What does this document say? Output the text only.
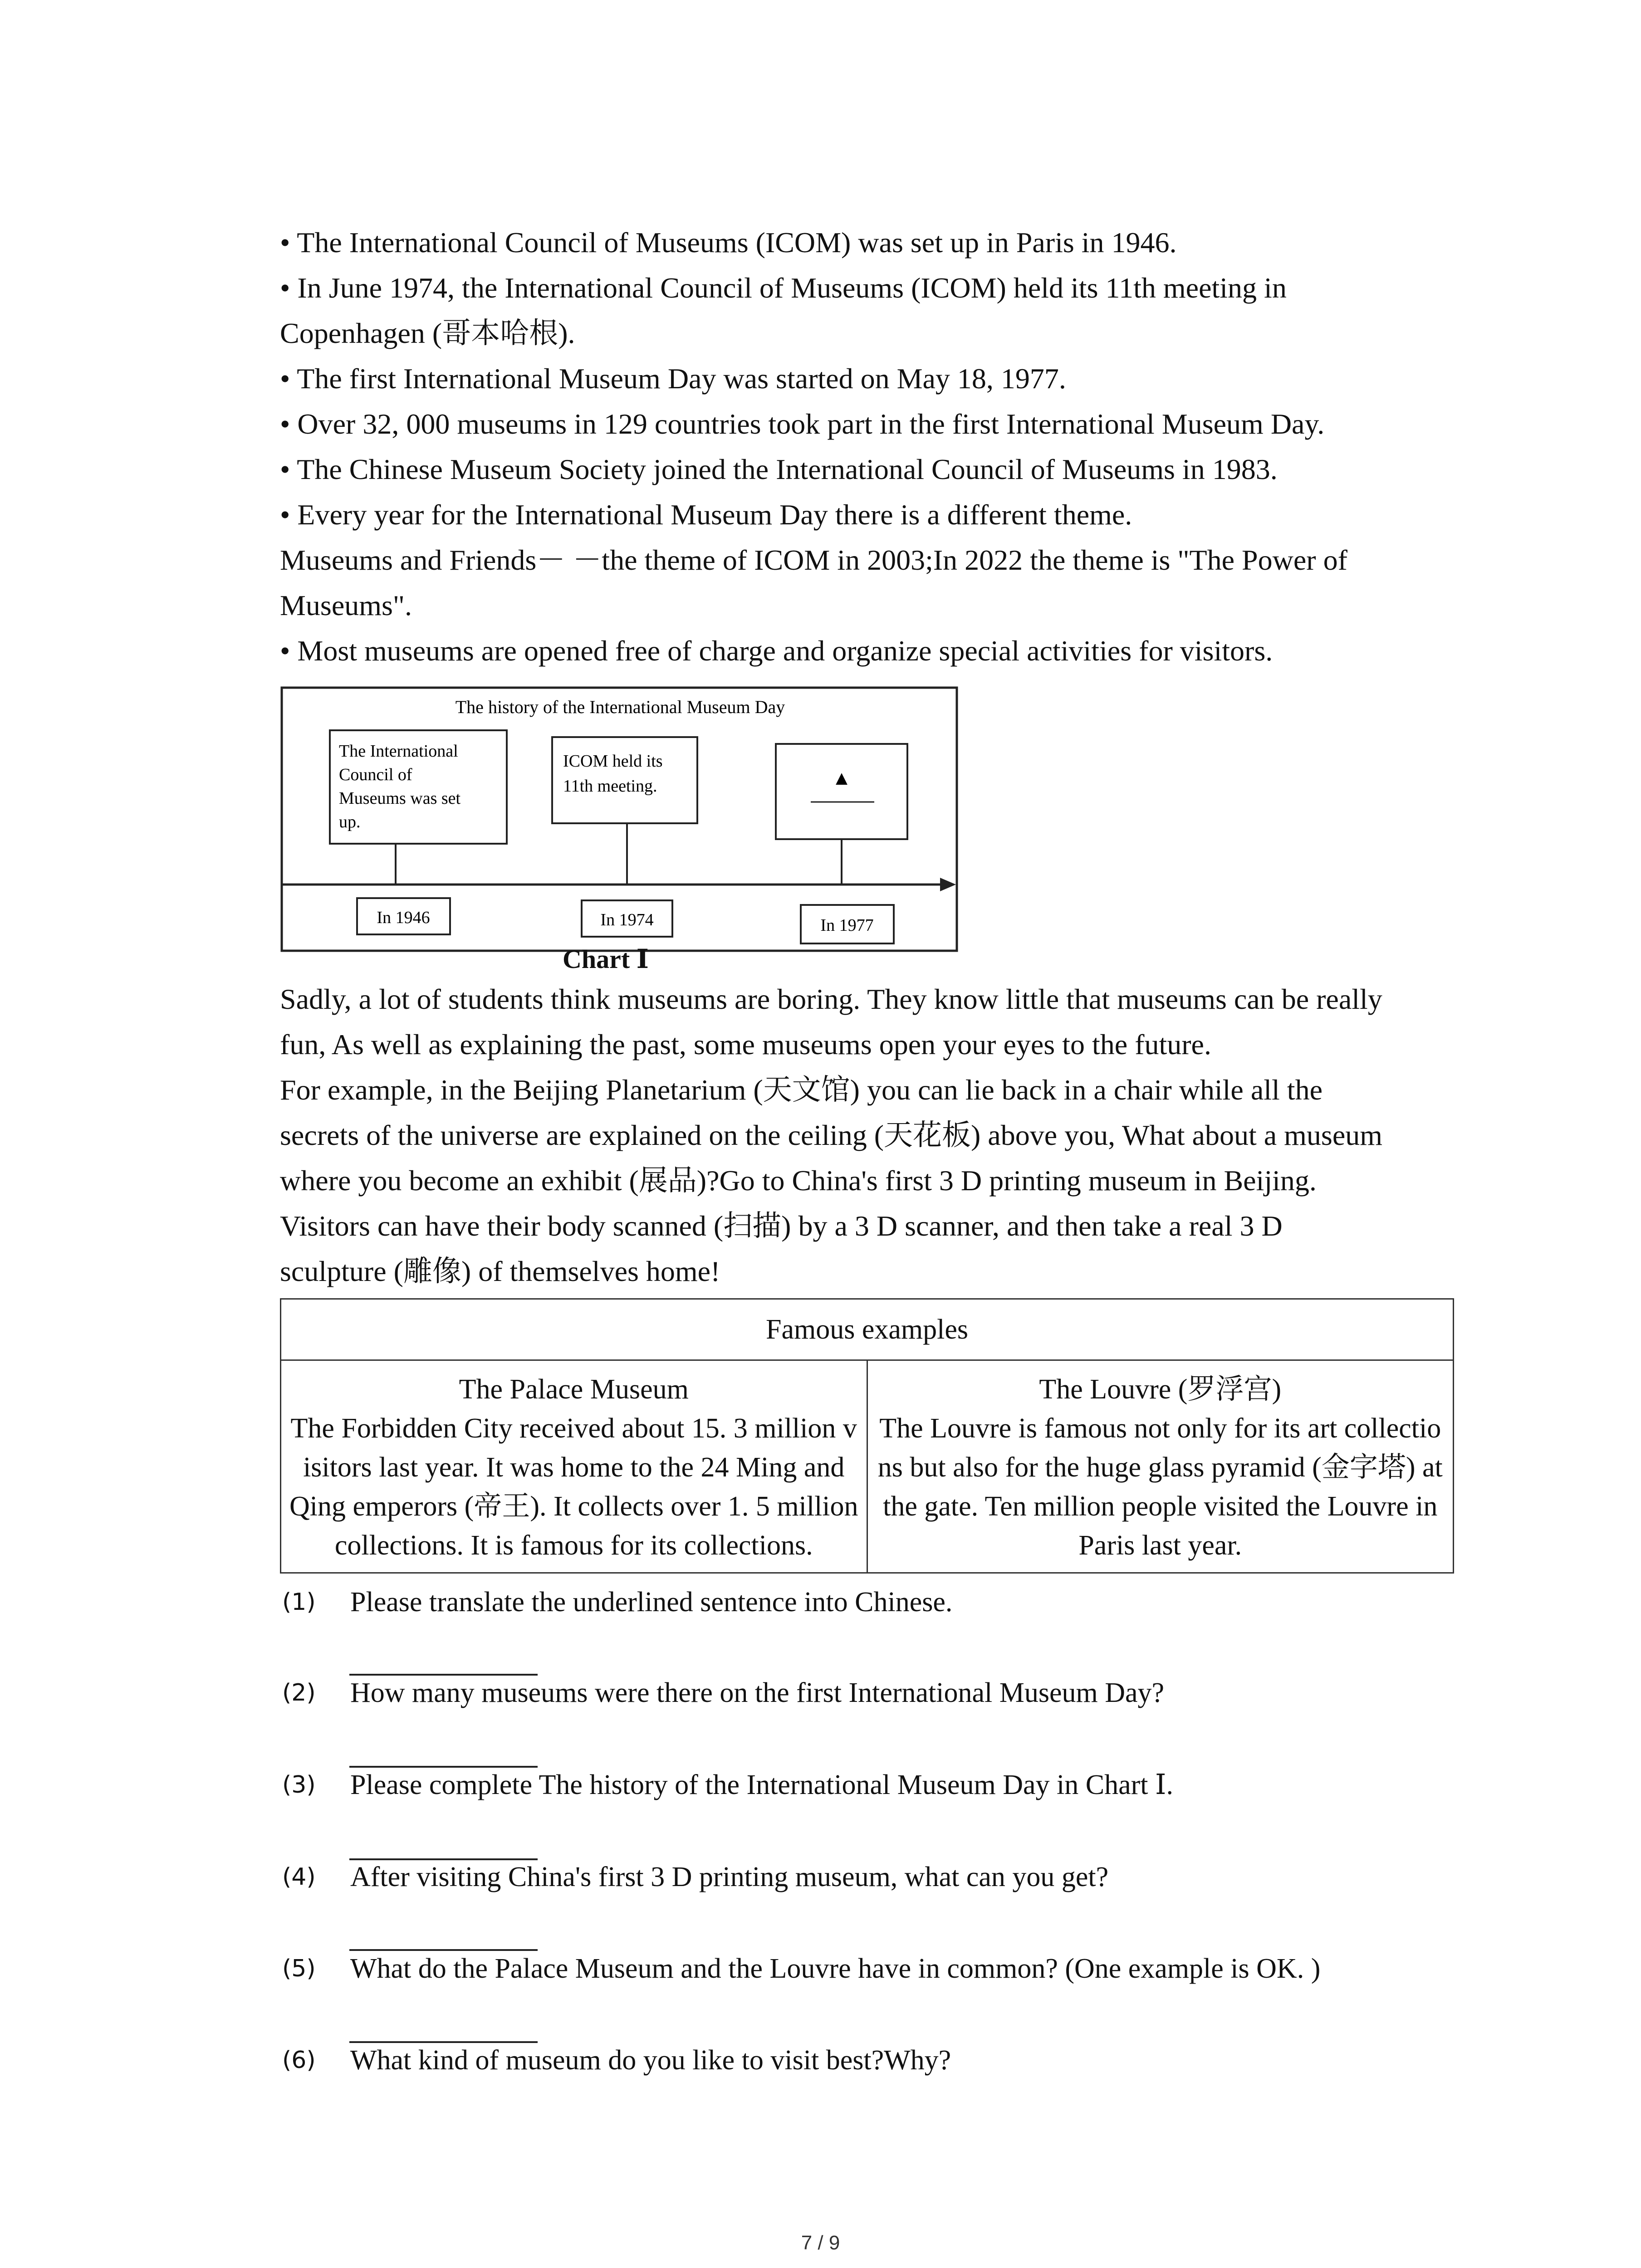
• The International Council of Museums (ICOM) was set up in Paris in 1946.
• In June 1974, the International Council of Museums (ICOM) held its 11th meeting in
Copenhagen (哥本哈根).
• The first International Museum Day was started on May 18, 1977.
• Over 32, 000 museums in 129 countries took part in the first International Museum Day.
• The Chinese Museum Society joined the International Council of Museums in 1983.
• Every year for the International Museum Day there is a different theme.
Museums and Friends－ －the theme of ICOM in 2003;In 2022 the theme is "The Power of
Museums".
• Most museums are opened free of charge and organize special activities for visitors.
The history of the International Museum Day
The International
Council of
Museums was set
up.
ICOM held its
11th meeting.	▲
In 1946	In 1974	In 1977
Chart Ⅰ
Sadly, a lot of students think museums are boring. They know little that museums can be really
fun, As well as explaining the past, some museums open your eyes to the future.
For example, in the Beijing Planetarium (天文馆) you can lie back in a chair while all the
secrets of the universe are explained on the ceiling (天花板) above you, What about a museum
where you become an exhibit (展品)?Go to China's first 3 D printing museum in Beijing.
Visitors can have their body scanned (扫描) by a 3 D scanner, and then take a real 3 D
sculpture (雕像) of themselves home!
Famous examples

The Palace Museum
The Forbidden City received about 15. 3 million visitors last year. It was home to the 24 Ming and Qing emperors (帝王). It collects over 1. 5 million collections. It is famous for its collections.

The Louvre (罗浮宫)
The Louvre is famous not only for its art collections but also for the huge glass pyramid (金字塔) at the gate. Ten million people visited the Louvre in Paris last year.
(1) Please translate the underlined sentence into Chinese.
(2) How many museums were there on the first International Museum Day?
(3) Please complete The history of the International Museum Day in Chart Ⅰ.
(4) After visiting China's first 3 D printing museum, what can you get?
(5) What do the Palace Museum and the Louvre have in common? (One example is OK. )
(6) What kind of museum do you like to visit best?Why?
7 / 9
